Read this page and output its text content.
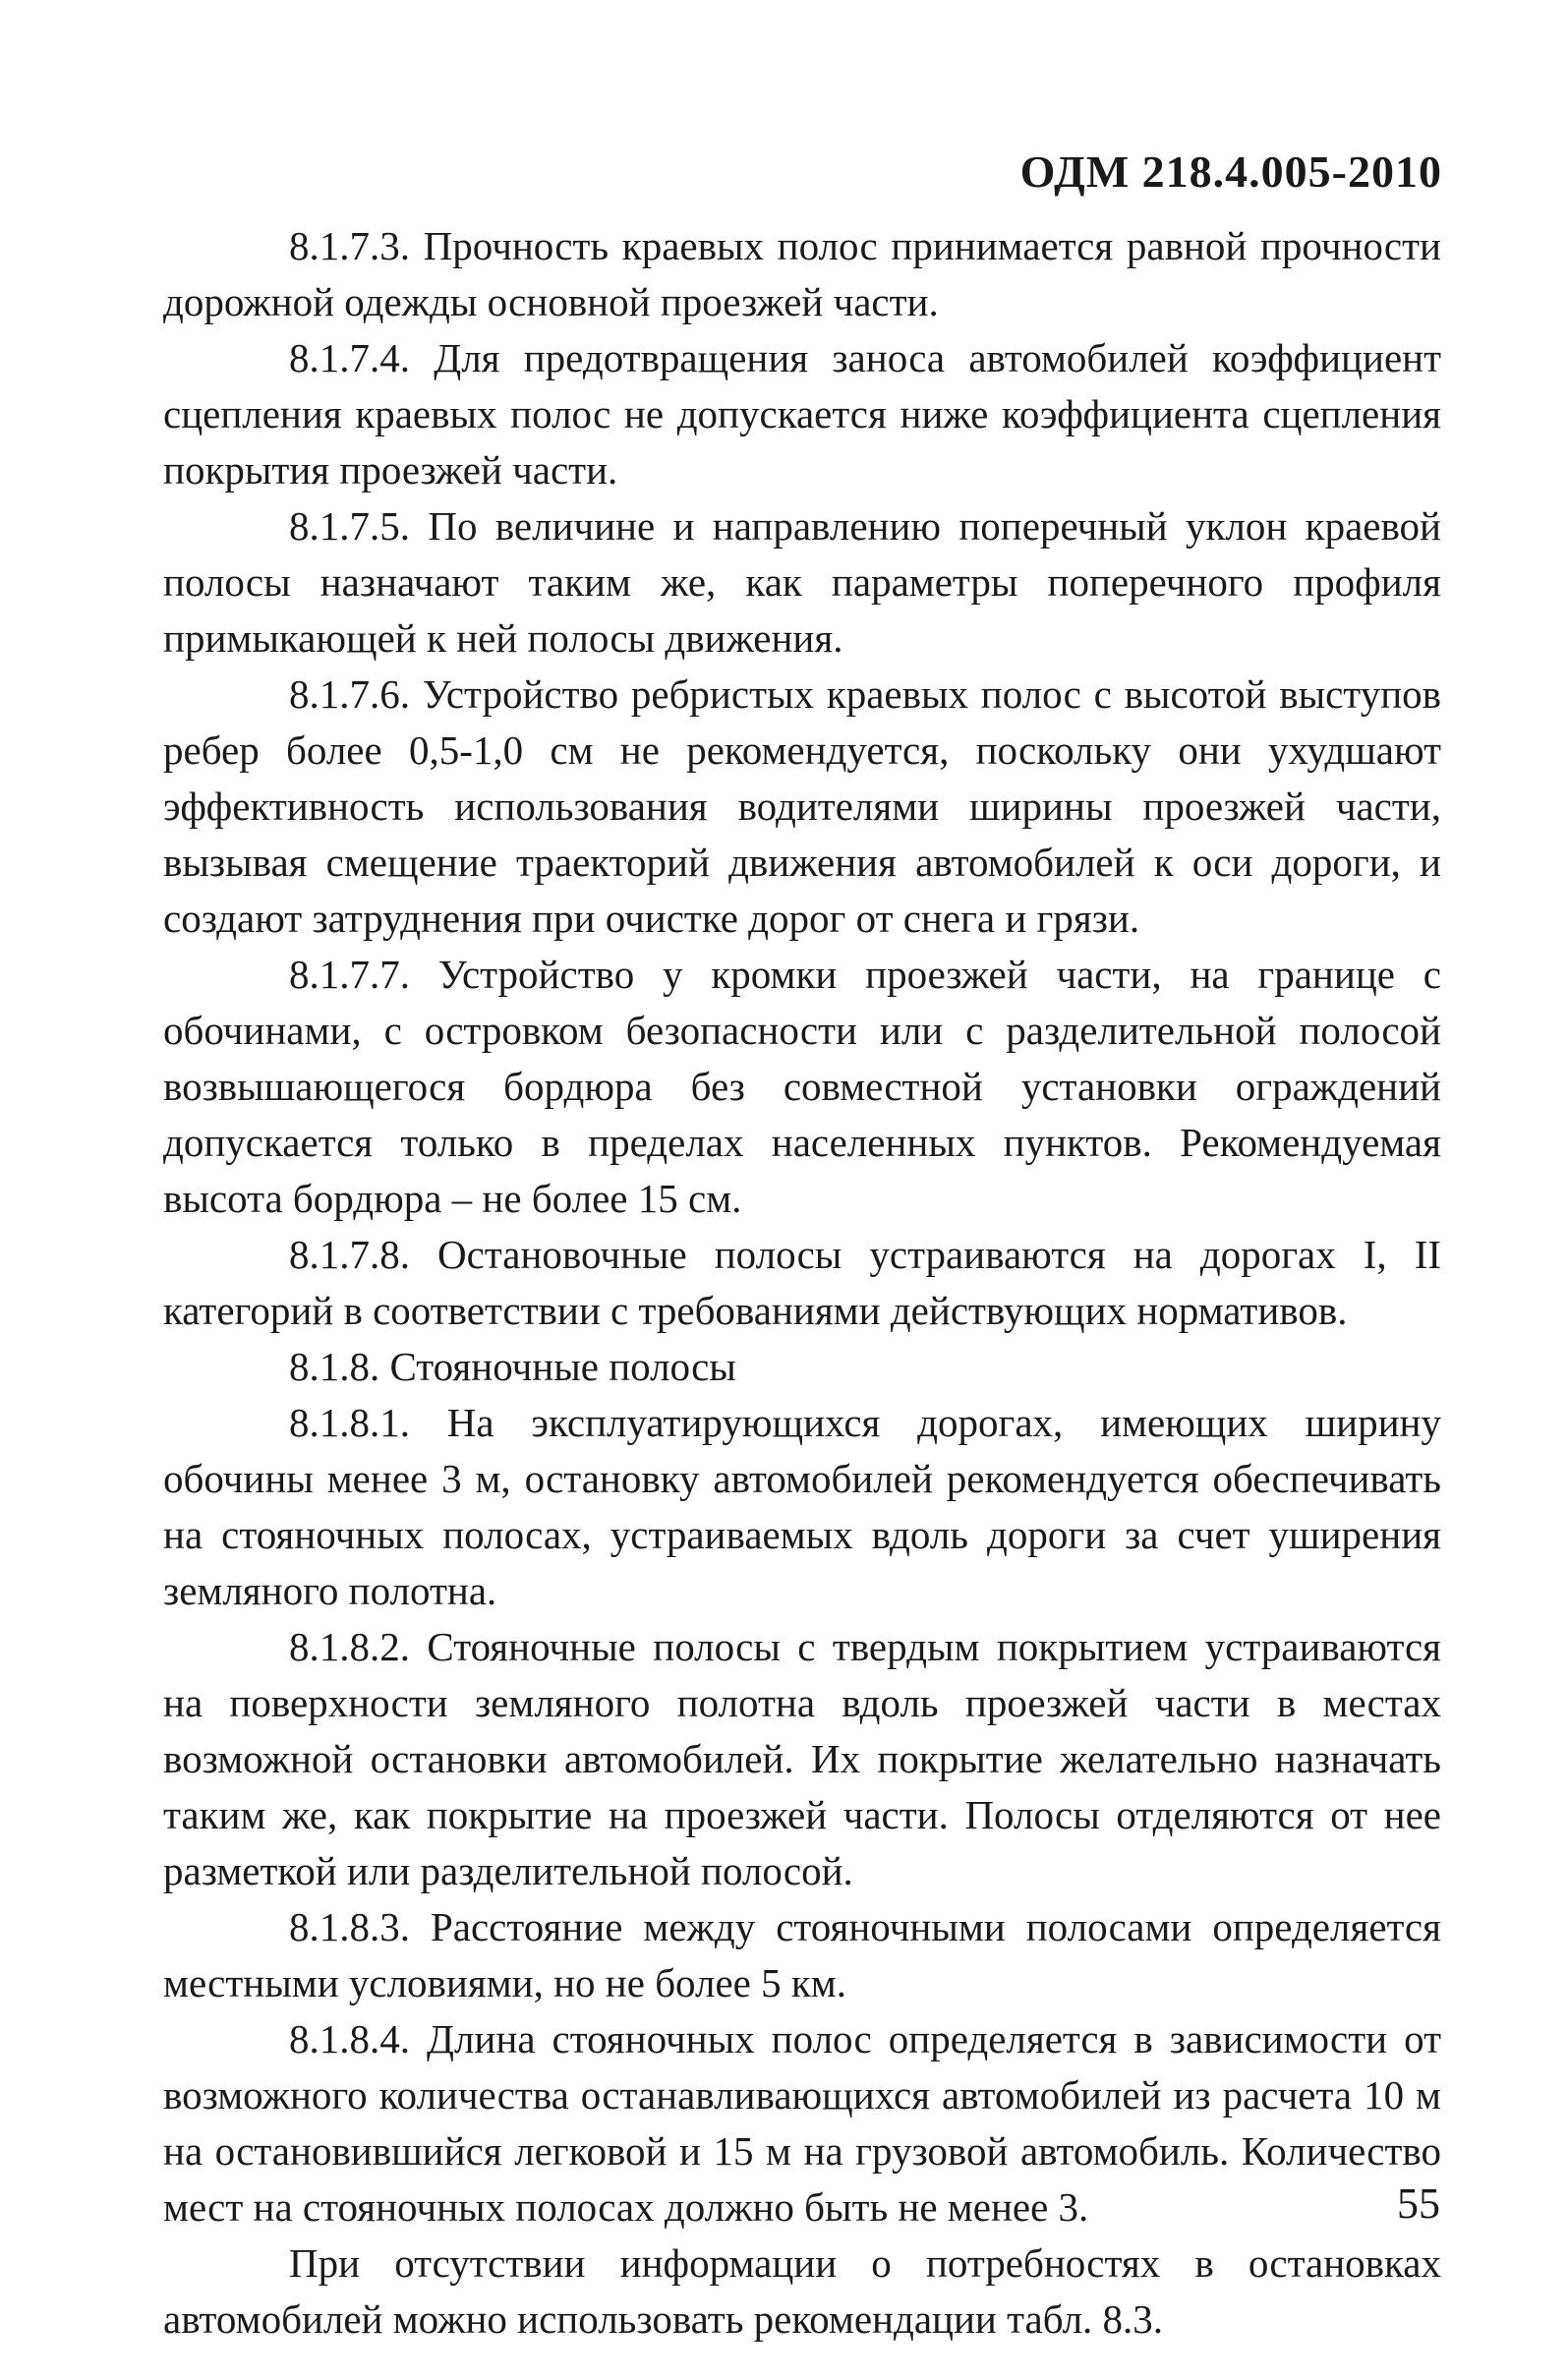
ОДМ 218.4.005-2010

8.1.7.3. Прочность краевых полос принимается равной прочности дорожной одежды основной проезжей части.

8.1.7.4. Для предотвращения заноса автомобилей коэффициент сцепления краевых полос не допускается ниже коэффициента сцепления покрытия проезжей части.

8.1.7.5. По величине и направлению поперечный уклон краевой полосы назначают таким же, как параметры поперечного профиля примыкающей к ней полосы движения.

8.1.7.6. Устройство ребристых краевых полос с высотой выступов ребер более 0,5-1,0 см не рекомендуется, поскольку они ухудшают эффективность использования водителями ширины проезжей части, вызывая смещение траекторий движения автомобилей к оси дороги, и создают затруднения при очистке дорог от снега и грязи.

8.1.7.7. Устройство у кромки проезжей части, на границе с обочинами, с островком безопасности или с разделительной полосой возвышающегося бордюра без совместной установки ограждений допускается только в пределах населенных пунктов. Рекомендуемая высота бордюра – не более 15 см.

8.1.7.8. Остановочные полосы устраиваются на дорогах I, II категорий в соответствии с требованиями действующих нормативов.

8.1.8. Стояночные полосы

8.1.8.1. На эксплуатирующихся дорогах, имеющих ширину обочины менее 3 м, остановку автомобилей рекомендуется обеспечивать на стояночных полосах, устраиваемых вдоль дороги за счет уширения земляного полотна.

8.1.8.2. Стояночные полосы с твердым покрытием устраиваются на поверхности земляного полотна вдоль проезжей части в местах возможной остановки автомобилей. Их покрытие желательно назначать таким же, как покрытие на проезжей части. Полосы отделяются от нее разметкой или разделительной полосой.

8.1.8.3. Расстояние между стояночными полосами определяется местными условиями, но не более 5 км.

8.1.8.4. Длина стояночных полос определяется в зависимости от возможного количества останавливающихся автомобилей из расчета 10 м на остановившийся легковой и 15 м на грузовой автомобиль. Количество мест на стояночных полосах должно быть не менее 3.

При отсутствии информации о потребностях в остановках автомобилей можно использовать рекомендации табл. 8.3.

55
